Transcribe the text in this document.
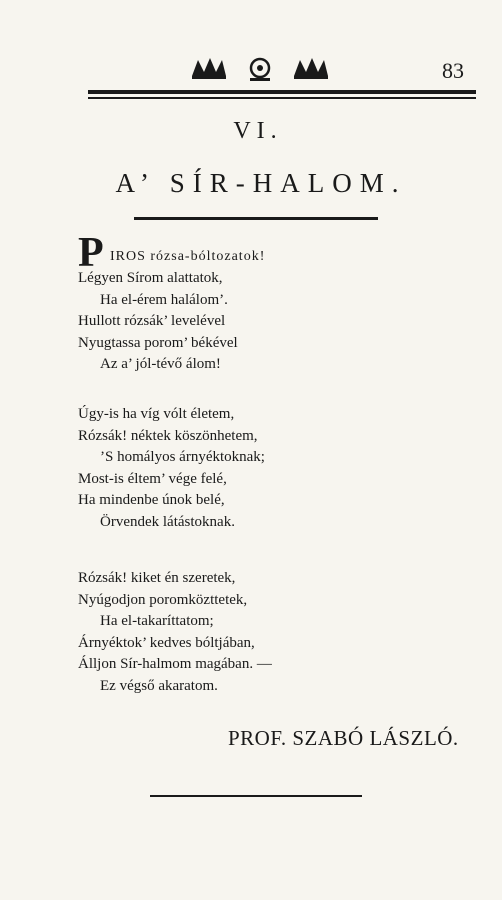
83
VI.
A’ SÍR-HALOM.
P IROS rózsa-bóltozatok!
Légyen Sírom alattatok,
Ha el-érem halálom’.
Hullott rózsák’ levelével
Nyugtassa porom’ békével
Az a’ jól-tévő álom!
Úgy-is ha víg vólt életem,
Rózsák! néktek köszönhetem,
’S homályos árnyéktoknak;
Most-is éltem’ vége felé,
Ha mindenbe únok belé,
Örvendek látástoknak.
Rózsák! kiket én szeretek,
Nyúgodjon poromközttetek,
Ha el-takaríttatom;
Árnyéktok’ kedves bóltjában,
Álljon Sír-halmom magában. —
Ez végső akaratom.
PROF. SZABÓ LÁSZLÓ.
